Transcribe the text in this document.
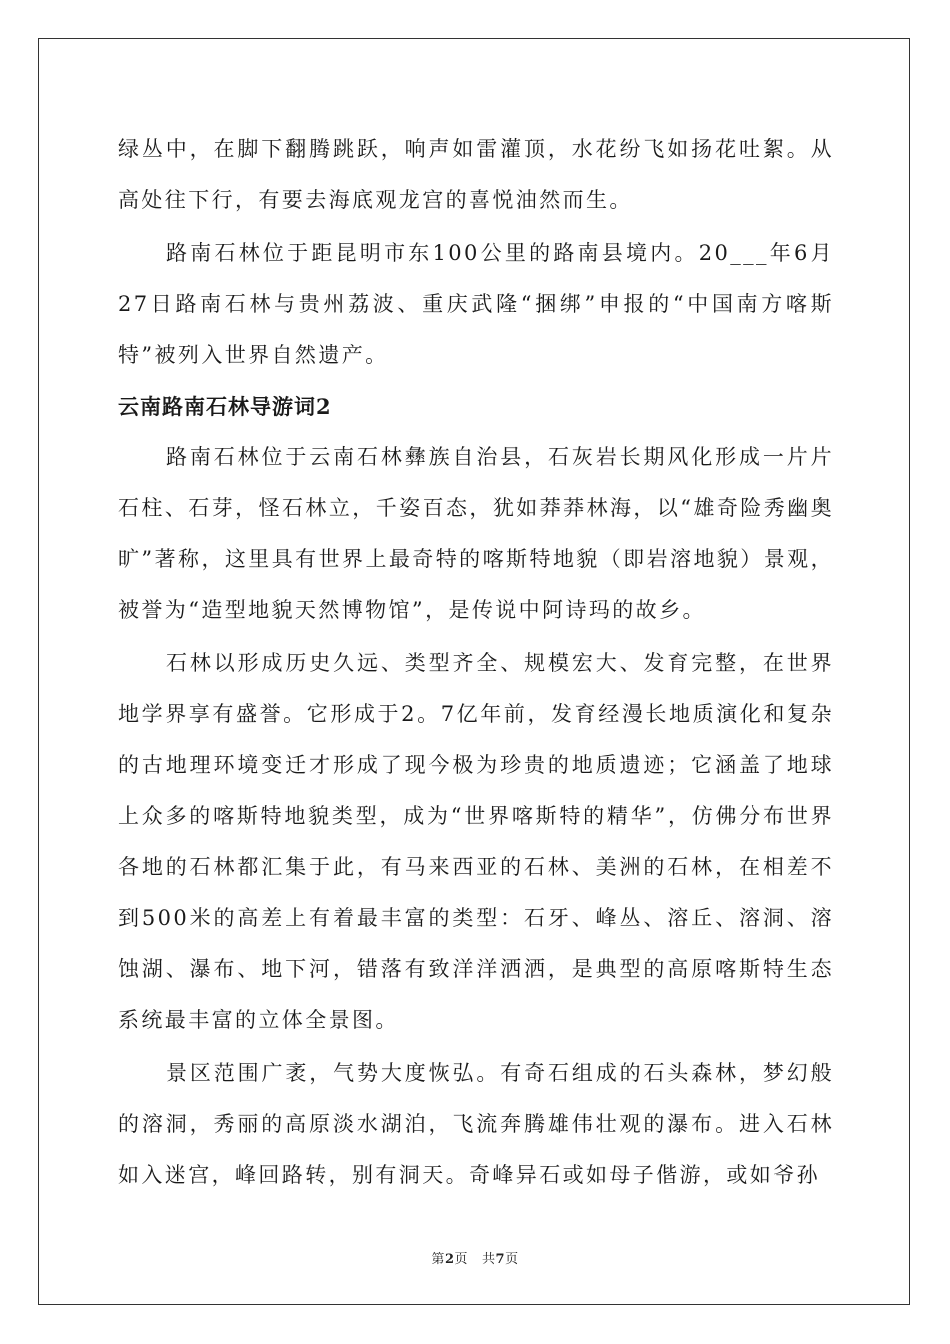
绿丛中，在脚下翻腾跳跃，响声如雷灌顶，水花纷飞如扬花吐絮。从高处往下行，有要去海底观龙宫的喜悦油然而生。

路南石林位于距昆明市东100公里的路南县境内。20___年6月27日路南石林与贵州荔波、重庆武隆“捆绑”申报的“中国南方喀斯特”被列入世界自然遗产。

云南路南石林导游词2

路南石林位于云南石林彝族自治县，石灰岩长期风化形成一片片石柱、石芽，怪石林立，千姿百态，犹如莽莽林海，以“雄奇险秀幽奥旷”著称，这里具有世界上最奇特的喀斯特地貌（即岩溶地貌）景观，被誉为“造型地貌天然博物馆”，是传说中阿诗玛的故乡。

石林以形成历史久远、类型齐全、规模宏大、发育完整，在世界地学界享有盛誉。它形成于2。7亿年前，发育经漫长地质演化和复杂的古地理环境变迁才形成了现今极为珍贵的地质遗迹；它涵盖了地球上众多的喀斯特地貌类型，成为“世界喀斯特的精华”，仿佛分布世界各地的石林都汇集于此，有马来西亚的石林、美洲的石林，在相差不到500米的高差上有着最丰富的类型：石牙、峰丛、溶丘、溶洞、溶蚀湖、瀑布、地下河，错落有致洋洋洒洒，是典型的高原喀斯特生态系统最丰富的立体全景图。

景区范围广袤，气势大度恢弘。有奇石组成的石头森林，梦幻般的溶洞，秀丽的高原淡水湖泊，飞流奔腾雄伟壮观的瀑布。进入石林如入迷宫，峰回路转，别有洞天。奇峰异石或如母子偕游，或如爷孙

第2页 共7页
